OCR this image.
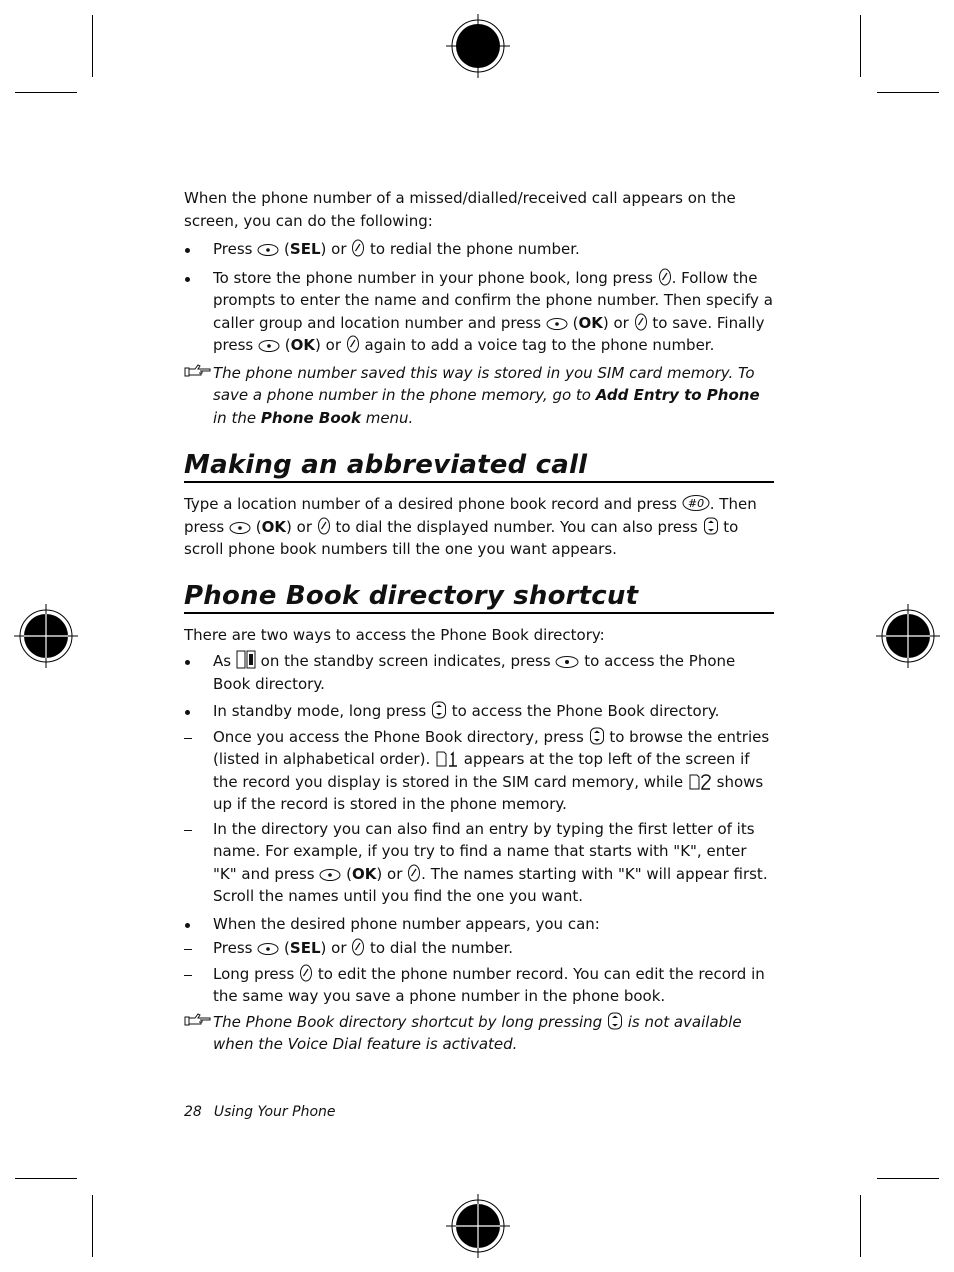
When the phone number of a missed/dialled/received call appears on the screen, you can do the following:

Press (SEL) or to redial the phone number.
To store the phone number in your phone book, long press . Follow the prompts to enter the name and confirm the phone number. Then specify a caller group and location number and press (OK) or to save. Finally press (OK) or again to add a voice tag to the phone number.
The phone number saved this way is stored in you SIM card memory. To save a phone number in the phone memory, go to Add Entry to Phone in the Phone Book menu.
Making an abbreviated call

Type a location number of a desired phone book record and press #0 . Then press (OK) or to dial the displayed number. You can also press to scroll phone book numbers till the one you want appears.

Phone Book directory shortcut

There are two ways to access the Phone Book directory:

As on the standby screen indicates, press to access the Phone Book directory.
In standby mode, long press to access the Phone Book directory.
Once you access the Phone Book directory, press to browse the entries (listed in alphabetical order). appears at the top left of the screen if the record you display is stored in the SIM card memory, while shows up if the record is stored in the phone memory.
In the directory you can also find an entry by typing the first letter of its name. For example, if you try to find a name that starts with "K", enter "K" and press (OK) or . The names starting with "K" will appear first. Scroll the names until you find the one you want.
When the desired phone number appears, you can:
Press (SEL) or to dial the number.
Long press to edit the phone number record. You can edit the record in the same way you save a phone number in the phone book.
The Phone Book directory shortcut by long pressing is not available when the Voice Dial feature is activated.
28 Using Your Phone
